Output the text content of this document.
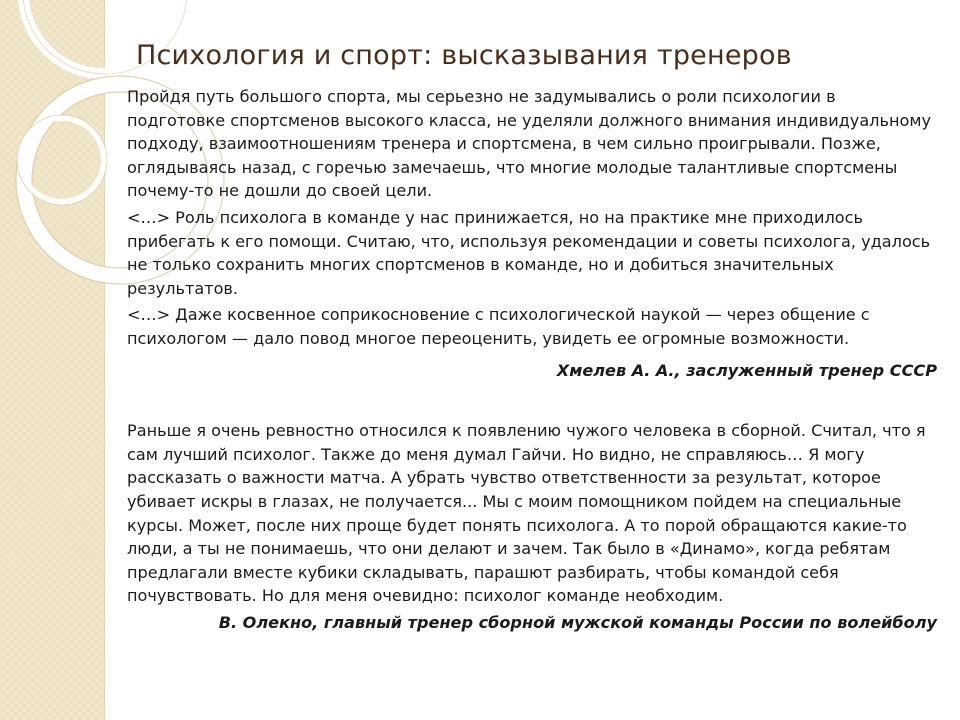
Психология и спорт: высказывания тренеров

Пройдя путь большого спорта, мы серьезно не задумывались о роли психологии в подготовке спортсменов высокого класса, не уделяли должного внимания индивидуальному подходу, взаимоотношениям тренера и спортсмена, в чем сильно проигрывали. Позже, оглядываясь назад, с горечью замечаешь, что многие молодые талантливые спортсмены почему-то не дошли до своей цели.

<…> Роль психолога в команде у нас принижается, но на практике мне приходилось прибегать к его помощи. Считаю, что, используя рекомендации и советы психолога, удалось не только сохранить многих спортсменов в команде, но и добиться значительных результатов.

<…> Даже косвенное соприкосновение с психологической наукой — через общение с психологом — дало повод многое переоценить, увидеть ее огромные возможности.

Хмелев А. А., заслуженный тренер СССР

Раньше я очень ревностно относился к появлению чужого человека в сборной. Считал, что я сам лучший психолог. Также до меня думал Гайчи. Но видно, не справляюсь… Я могу рассказать о важности матча. А убрать чувство ответственности за результат, которое убивает искры в глазах, не получается... Мы с моим помощником пойдем на специальные курсы. Может, после них проще будет понять психолога. А то порой обращаются какие-то люди, а ты не понимаешь, что они делают и зачем. Так было в «Динамо», когда ребятам предлагали вместе кубики складывать, парашют разбирать, чтобы командой себя почувствовать. Но для меня очевидно: психолог команде необходим.

В. Олекно, главный тренер сборной мужской команды России по волейболу
